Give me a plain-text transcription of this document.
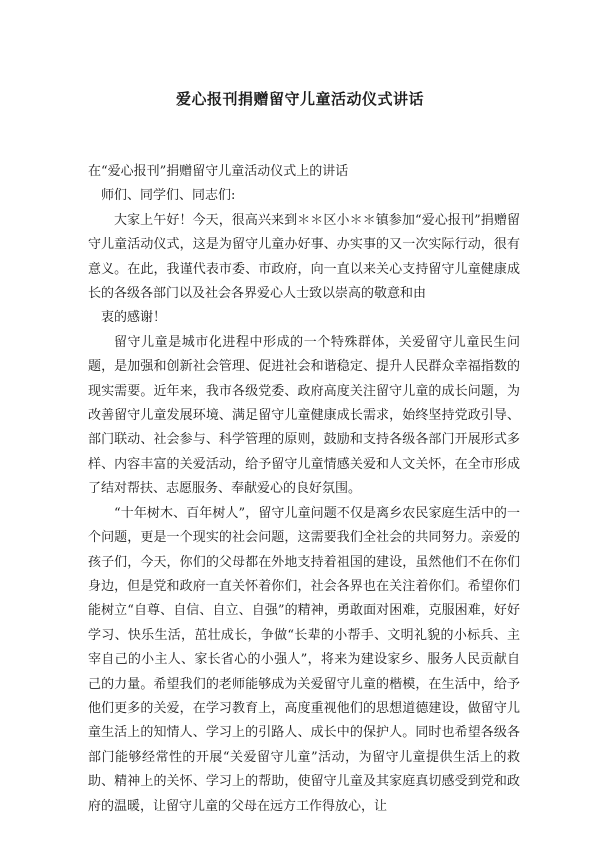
爱心报刊捐赠留守儿童活动仪式讲话

在“爱心报刊”捐赠留守儿童活动仪式上的讲话

师们、同学们、同志们:

大家上午好！今天，很高兴来到＊＊区小＊＊镇参加“爱心报刊”捐赠留守儿童活动仪式，这是为留守儿童办好事、办实事的又一次实际行动，很有意义。在此，我谨代表市委、市政府，向一直以来关心支持留守儿童健康成长的各级各部门以及社会各界爱心人士致以崇高的敬意和由

衷的感谢！

留守儿童是城市化进程中形成的一个特殊群体，关爱留守儿童民生问题，是加强和创新社会管理、促进社会和谐稳定、提升人民群众幸福指数的现实需要。近年来，我市各级党委、政府高度关注留守儿童的成长问题，为改善留守儿童发展环境、满足留守儿童健康成长需求，始终坚持党政引导、部门联动、社会参与、科学管理的原则，鼓励和支持各级各部门开展形式多样、内容丰富的关爱活动，给予留守儿童情感关爱和人文关怀，在全市形成了结对帮扶、志愿服务、奉献爱心的良好氛围。

“十年树木、百年树人”，留守儿童问题不仅是离乡农民家庭生活中的一个问题，更是一个现实的社会问题，这需要我们全社会的共同努力。亲爱的孩子们，今天，你们的父母都在外地支持着祖国的建设，虽然他们不在你们身边，但是党和政府一直关怀着你们，社会各界也在关注着你们。希望你们能树立“自尊、自信、自立、自强”的精神，勇敢面对困难，克服困难，好好学习、快乐生活，茁壮成长，争做“长辈的小帮手、文明礼貌的小标兵、主宰自己的小主人、家长省心的小强人”，将来为建设家乡、服务人民贡献自己的力量。希望我们的老师能够成为关爱留守儿童的楷模，在生活中，给予他们更多的关爱，在学习教育上，高度重视他们的思想道德建设，做留守儿童生活上的知情人、学习上的引路人、成长中的保护人。同时也希望各级各部门能够经常性的开展“关爱留守儿童”活动，为留守儿童提供生活上的救助、精神上的关怀、学习上的帮助，使留守儿童及其家庭真切感受到党和政府的温暖，让留守儿童的父母在远方工作得放心，让
